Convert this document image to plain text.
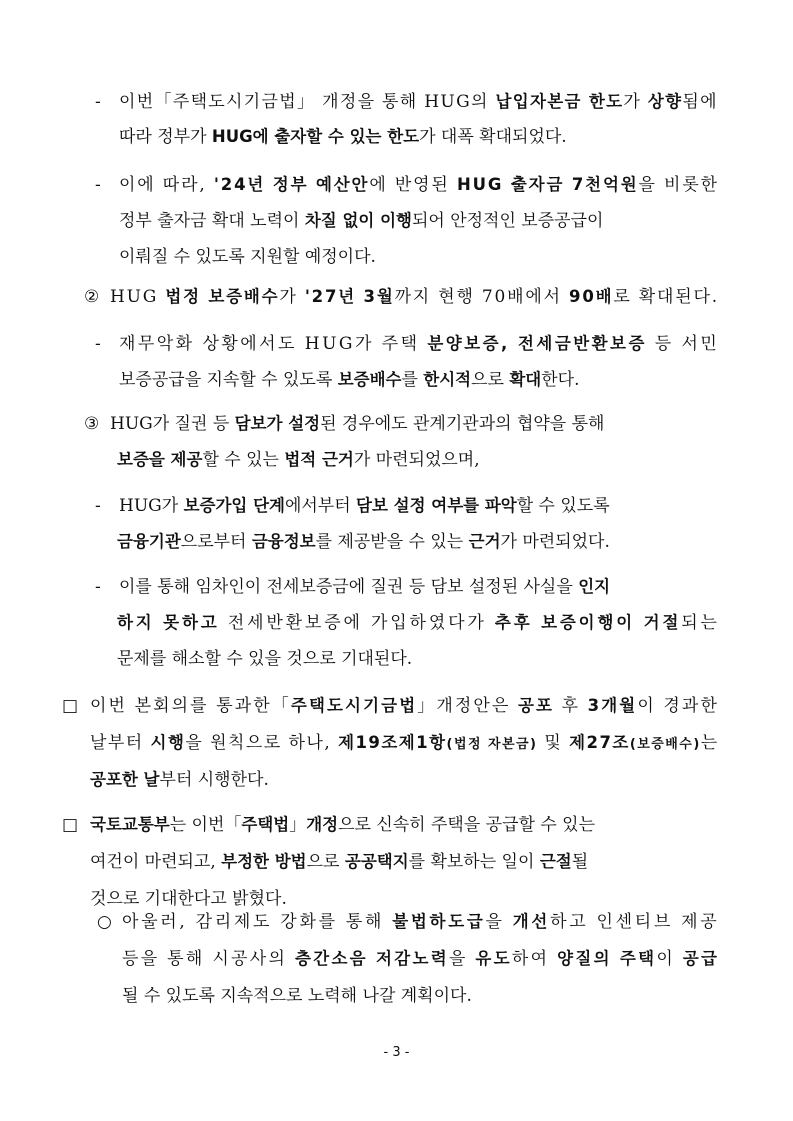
- 이번「주택도시기금법」 개정을 통해 HUG의 납입자본금 한도가 상향됨에
따라 정부가 HUG에 출자할 수 있는 한도가 대폭 확대되었다.
- 이에 따라, '24년 정부 예산안에 반영된 HUG 출자금 7천억원을 비롯한
정부 출자금 확대 노력이 차질 없이 이행되어 안정적인 보증공급이
이뤄질 수 있도록 지원할 예정이다.
② HUG 법정 보증배수가 '27년 3월까지 현행 70배에서 90배로 확대된다.
- 재무악화 상황에서도 HUG가 주택 분양보증, 전세금반환보증 등 서민
보증공급을 지속할 수 있도록 보증배수를 한시적으로 확대한다.
③ HUG가 질권 등 담보가 설정된 경우에도 관계기관과의 협약을 통해
보증을 제공할 수 있는 법적 근거가 마련되었으며,
- HUG가 보증가입 단계에서부터 담보 설정 여부를 파악할 수 있도록
금융기관으로부터 금융정보를 제공받을 수 있는 근거가 마련되었다.
- 이를 통해 임차인이 전세보증금에 질권 등 담보 설정된 사실을 인지
하지 못하고 전세반환보증에 가입하였다가 추후 보증이행이 거절되는
문제를 해소할 수 있을 것으로 기대된다.
□ 이번 본회의를 통과한「주택도시기금법」개정안은 공포 후 3개월이 경과한
날부터 시행을 원칙으로 하나, 제19조제1항(법정 자본금) 및 제27조(보증배수)는
공포한 날부터 시행한다.
□ 국토교통부는 이번「주택법」개정으로 신속히 주택을 공급할 수 있는
여건이 마련되고, 부정한 방법으로 공공택지를 확보하는 일이 근절될
것으로 기대한다고 밝혔다.
○ 아울러, 감리제도 강화를 통해 불법하도급을 개선하고 인센티브 제공
등을 통해 시공사의 층간소음 저감노력을 유도하여 양질의 주택이 공급
될 수 있도록 지속적으로 노력해 나갈 계획이다.
- 3 -
